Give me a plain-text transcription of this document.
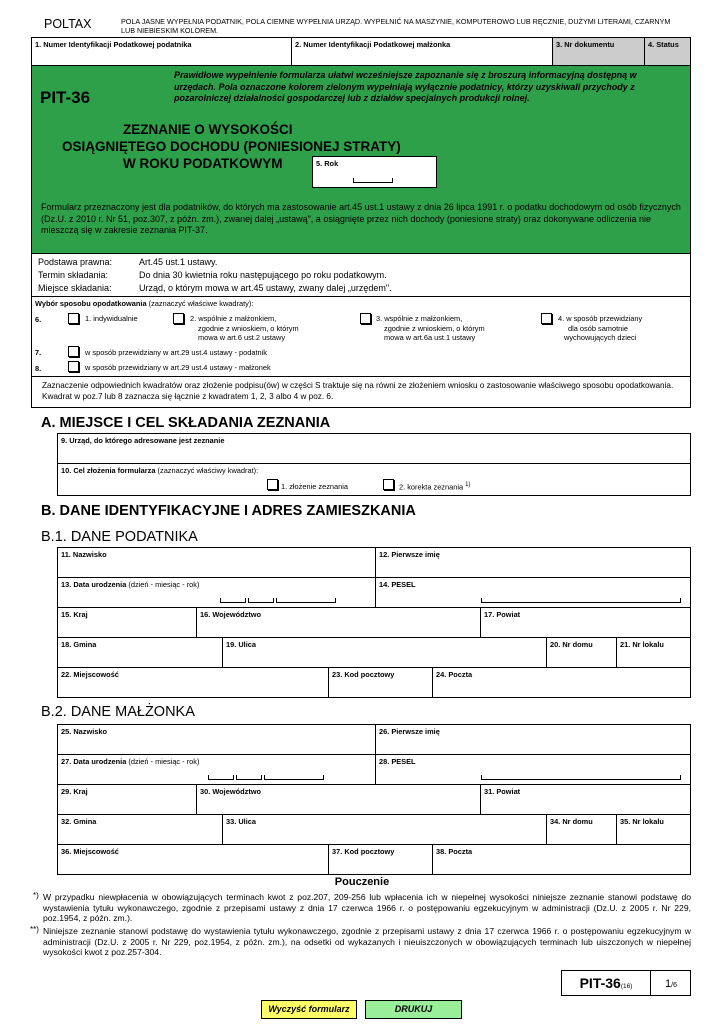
POLTAX	POLA JASNE WYPEŁNIA PODATNIK, POLA CIEMNE WYPEŁNIA URZĄD. WYPEŁNIĆ NA MASZYNIE, KOMPUTEROWO LUB RĘCZNIE, DUŻYMI LITERAMI, CZARNYM LUB NIEBIESKIM KOLOREM.
1. Numer Identyfikacji Podatkowej podatnika	2. Numer Identyfikacji Podatkowej małżonka	3. Nr dokumentu	4. Status
PIT-36
Prawidłowe wypełnienie formularza ułatwi wcześniejsze zapoznanie się z broszurą informacyjną dostępną w urzędach. Pola oznaczone kolorem zielonym wypełniają wyłącznie podatnicy, którzy uzyskiwali przychody z pozarolniczej działalności gospodarczej lub z działów specjalnych produkcji rolnej.
ZEZNANIE O WYSOKOŚCI
OSIĄGNIĘTEGO DOCHODU (PONIESIONEJ STRATY)
W ROKU PODATKOWYM	5. Rok
Formularz przeznaczony jest dla podatników, do których ma zastosowanie art.45 ust.1 ustawy z dnia 26 lipca 1991 r. o podatku dochodowym od osób fizycznych (Dz.U. z 2010 r. Nr 51, poz.307, z późn. zm.), zwanej dalej „ustawą", a osiągnięte przez nich dochody (poniesione straty) oraz dokonywane odliczenia nie mieszczą się w zakresie zeznania PIT-37.
Podstawa prawna:	Art.45 ust.1 ustawy.
Termin składania:	Do dnia 30 kwietnia roku następującego po roku podatkowym.
Miejsce składania:	Urząd, o którym mowa w art.45 ustawy, zwany dalej „urzędem".
Wybór sposobu opodatkowania (zaznaczyć właściwe kwadraty):
6.	1. indywidualnie	2. wspólnie z małżonkiem,
zgodnie z wnioskiem, o którym
mowa w art.6 ust.2 ustawy
3. wspólnie z małżonkiem,
zgodnie z wnioskiem, o którym
mowa w art.6a ust.1 ustawy
4. w sposób przewidziany
dla osób samotnie
wychowujących dzieci
7.	w sposób przewidziany w art.29 ust.4 ustawy - podatnik
8.	w sposób przewidziany w art.29 ust.4 ustawy - małżonek
Zaznaczenie odpowiednich kwadratów oraz złożenie podpisu(ów) w części S traktuje się na równi ze złożeniem wniosku o zastosowanie właściwego sposobu opodatkowania. Kwadrat w poz.7 lub 8 zaznacza się łącznie z kwadratem 1, 2, 3 albo 4 w poz. 6.
A. MIEJSCE I CEL SKŁADANIA ZEZNANIA
9. Urząd, do którego adresowane jest zeznanie
10. Cel złożenia formularza (zaznaczyć właściwy kwadrat):
1. złożenie zeznania	2. korekta zeznania $^{1)}$
B. DANE IDENTYFIKACYJNE I ADRES ZAMIESZKANIA
B.1. DANE PODATNIKA
11. Nazwisko	12. Pierwsze imię
13. Data urodzenia (dzień - miesiąc - rok)	14. PESEL
15. Kraj	16. Województwo	17. Powiat
18. Gmina	19. Ulica	20. Nr domu	21. Nr lokalu
22. Miejscowość	23. Kod pocztowy	24. Poczta
B.2. DANE MAŁŻONKA
25. Nazwisko	26. Pierwsze imię
27. Data urodzenia (dzień - miesiąc - rok)	28. PESEL
29. Kraj	30. Województwo	31. Powiat
32. Gmina	33. Ulica	34. Nr domu	35. Nr lokalu
36. Miejscowość	37. Kod pocztowy	38. Poczta
Pouczenie
*) W przypadku niewpłacenia w obowiązujących terminach kwot z poz.207, 209-256 lub wpłacenia ich w niepełnej wysokości niniejsze zeznanie stanowi podstawę do wystawienia tytułu wykonawczego, zgodnie z przepisami ustawy z dnia 17 czerwca 1966 r. o postępowaniu egzekucyjnym w administracji (Dz.U. z 2005 r. Nr 229, poz.1954, z późn. zm.).
**) Niniejsze zeznanie stanowi podstawę do wystawienia tytułu wykonawczego, zgodnie z przepisami ustawy z dnia 17 czerwca 1966 r. o postępowaniu egzekucyjnym w administracji (Dz.U. z 2005 r. Nr 229, poz.1954, z późn. zm.), na odsetki od wykazanych i nieuiszczonych w obowiązujących terminach lub uiszczonych w niepełnej wysokości kwot z poz.257-304.
PIT-36(16)	1/6
Wyczyść formularz	DRUKUJ
